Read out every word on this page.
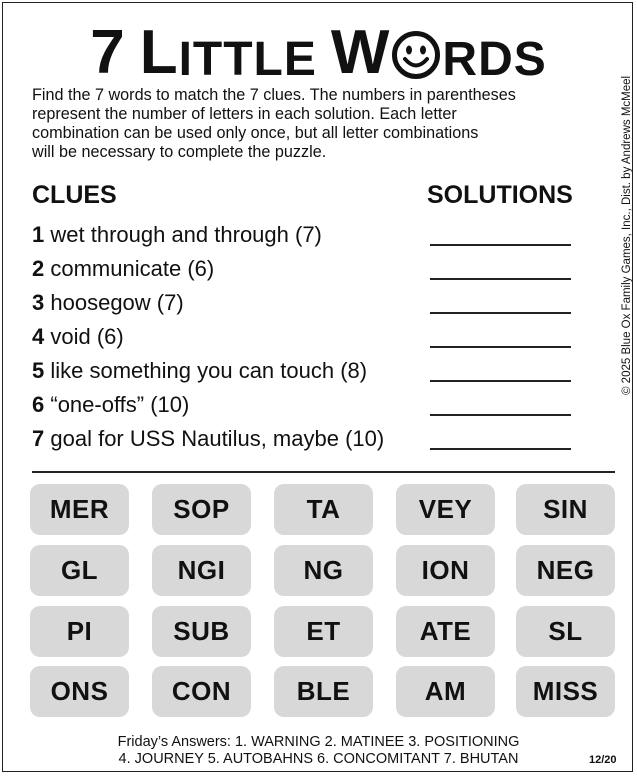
7 L ITTLE W RDS

Find the 7 words to match the 7 clues. The numbers in parentheses

represent the number of letters in each solution. Each letter

combination can be used only once, but all letter combinations

will be necessary to complete the puzzle.	© 2025 Blue Ox Family Games, Inc., Dist. by Andrews McMeel
CLUES	SOLUTIONS
1 wet through and through (7)
2 communicate (6)
3 hoosegow (7)
4 void (6)
5 like something you can touch (8)
6 “one-offs” (10)
7 goal for USS Nautilus, maybe (10)
MER	SOP	TA	VEY	SIN
GL	NGI	NG	ION	NEG
PI	SUB	ET	ATE	SL
ONS	CON	BLE	AM	MISS

Friday’s Answers: 1. WARNING 2. MATINEE 3. POSITIONING

4. JOURNEY 5. AUTOBAHNS 6. CONCOMITANT 7. BHUTAN	12/20
